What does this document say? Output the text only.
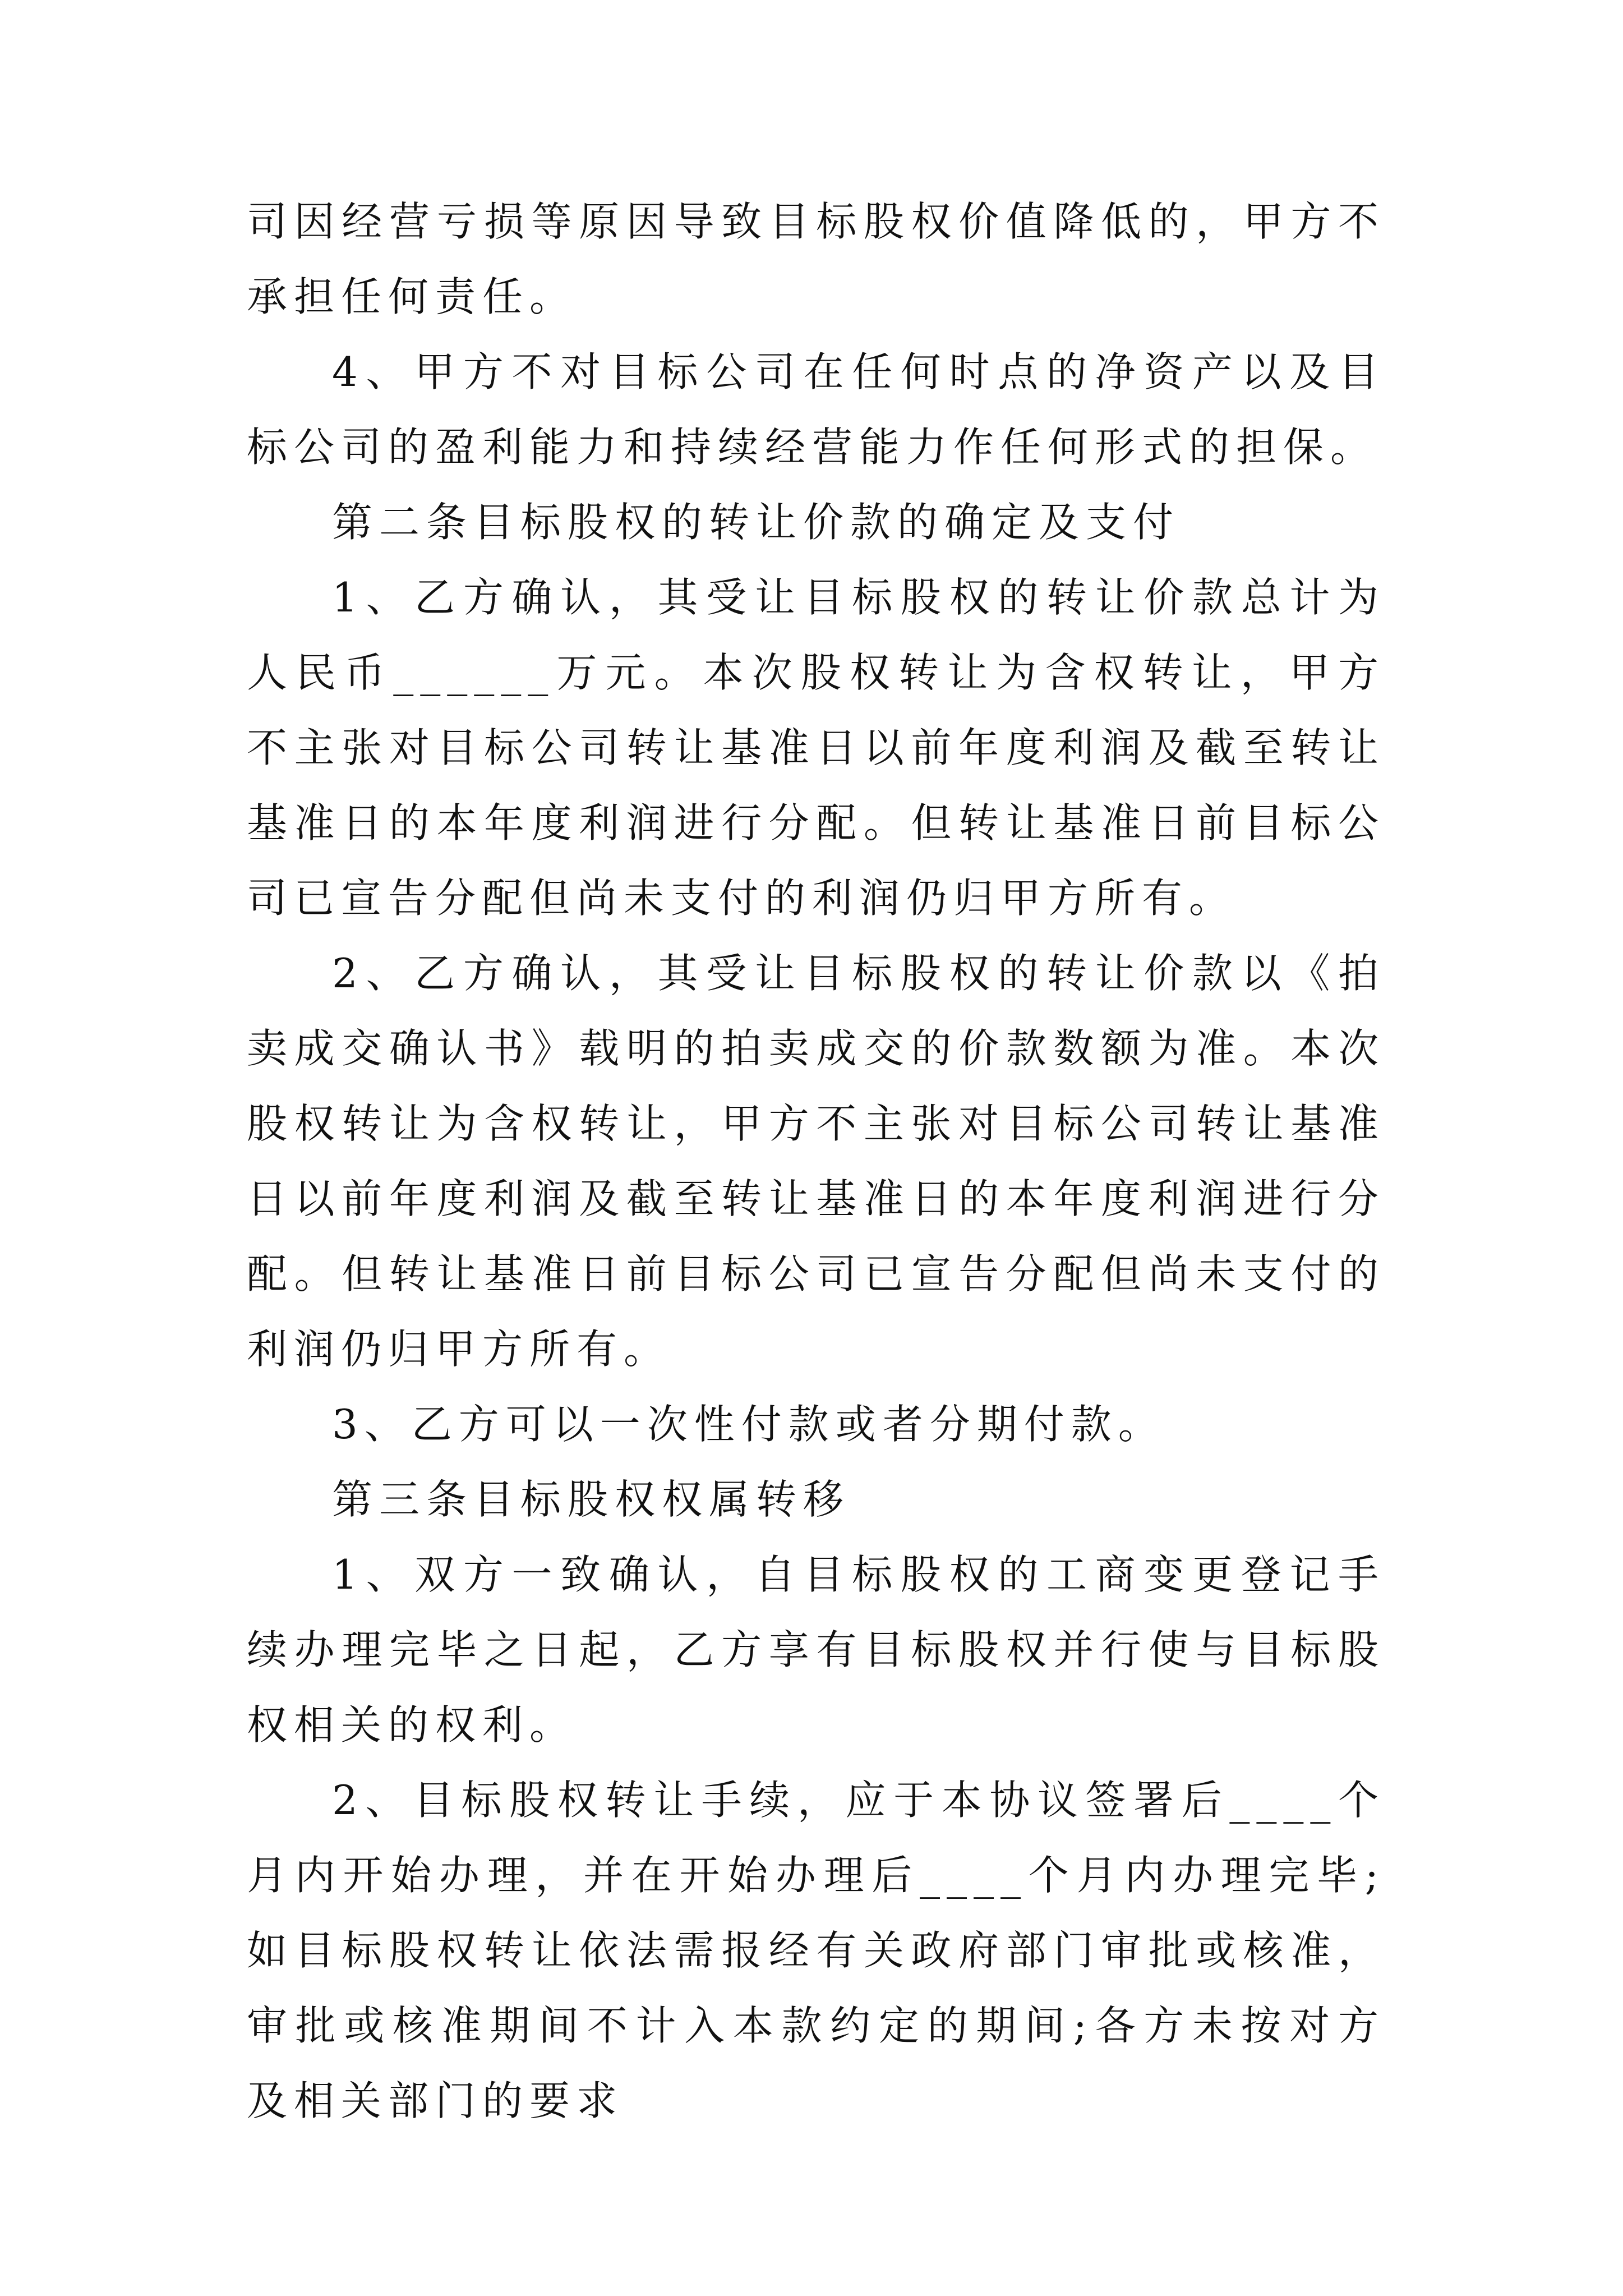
司因经营亏损等原因导致目标股权价值降低的，甲方不承担任何责任。

4、甲方不对目标公司在任何时点的净资产以及目标公司的盈利能力和持续经营能力作任何形式的担保。

第二条目标股权的转让价款的确定及支付

1、乙方确认，其受让目标股权的转让价款总计为人民币______万元。本次股权转让为含权转让，甲方不主张对目标公司转让基准日以前年度利润及截至转让基准日的本年度利润进行分配。但转让基准日前目标公司已宣告分配但尚未支付的利润仍归甲方所有。

2、乙方确认，其受让目标股权的转让价款以《拍卖成交确认书》载明的拍卖成交的价款数额为准。本次股权转让为含权转让，甲方不主张对目标公司转让基准日以前年度利润及截至转让基准日的本年度利润进行分配。但转让基准日前目标公司已宣告分配但尚未支付的利润仍归甲方所有。

3、乙方可以一次性付款或者分期付款。

第三条目标股权权属转移

1、双方一致确认，自目标股权的工商变更登记手续办理完毕之日起，乙方享有目标股权并行使与目标股权相关的权利。

2、目标股权转让手续，应于本协议签署后____个月内开始办理，并在开始办理后____个月内办理完毕;如目标股权转让依法需报经有关政府部门审批或核准，审批或核准期间不计入本款约定的期间;各方未按对方及相关部门的要求
